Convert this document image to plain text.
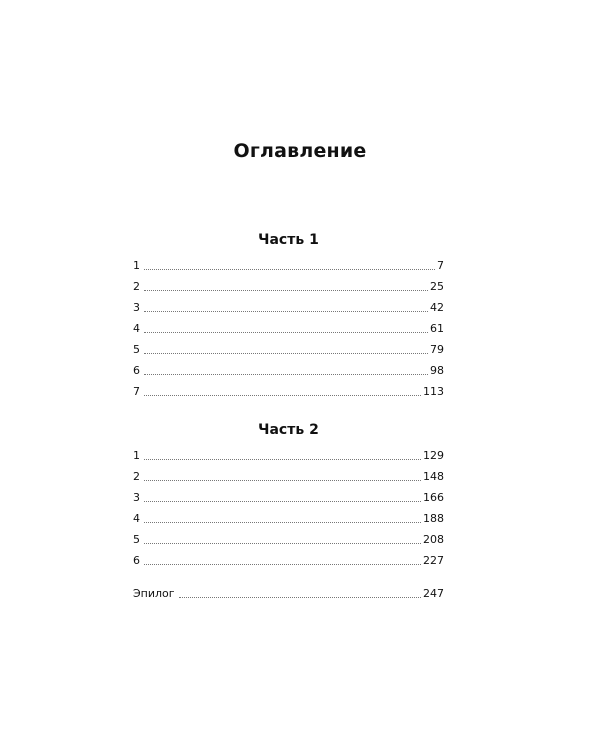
Оглавление
Часть 1
1	7
2	25
3	42
4	61
5	79
6	98
7	113
Часть 2
1	129
2	148
3	166
4	188
5	208
6	227
Эпилог	247
